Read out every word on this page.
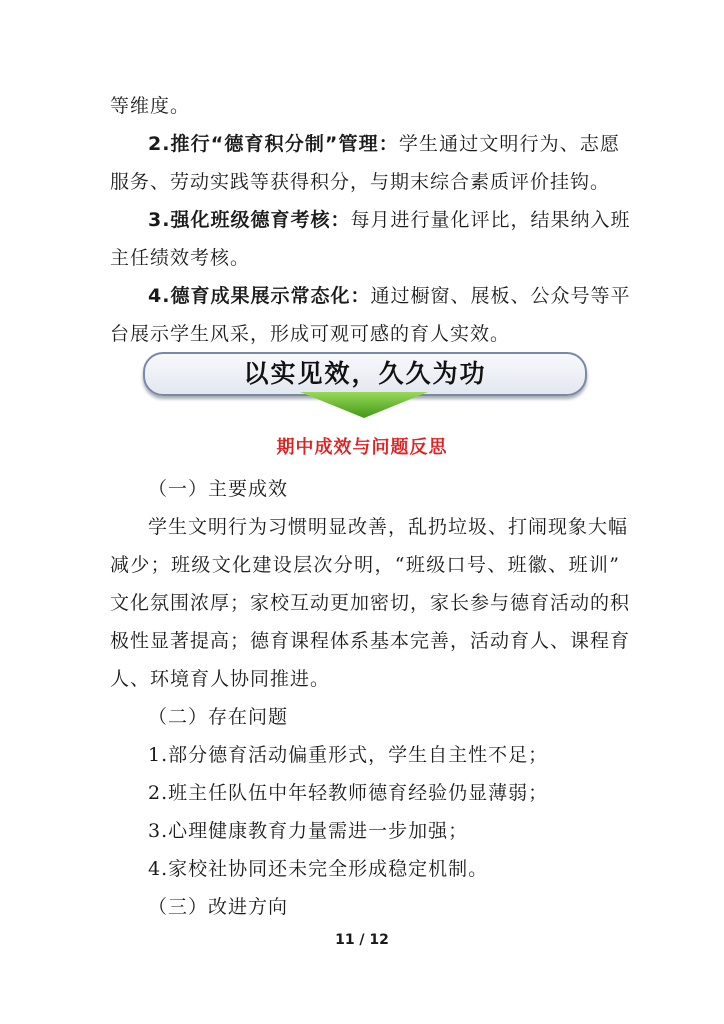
等维度。
2.推行“德育积分制”管理：学生通过文明行为、志愿
服务、劳动实践等获得积分，与期末综合素质评价挂钩。
3.强化班级德育考核：每月进行量化评比，结果纳入班
主任绩效考核。
4.德育成果展示常态化：通过橱窗、展板、公众号等平
台展示学生风采，形成可观可感的育人实效。
以实见效，久久为功
期中成效与问题反思
（一）主要成效
学生文明行为习惯明显改善，乱扔垃圾、打闹现象大幅
减少；班级文化建设层次分明，“班级口号、班徽、班训”
文化氛围浓厚；家校互动更加密切，家长参与德育活动的积
极性显著提高；德育课程体系基本完善，活动育人、课程育
人、环境育人协同推进。
（二）存在问题
1.部分德育活动偏重形式，学生自主性不足；
2.班主任队伍中年轻教师德育经验仍显薄弱；
3.心理健康教育力量需进一步加强；
4.家校社协同还未完全形成稳定机制。
（三）改进方向
11 / 12
